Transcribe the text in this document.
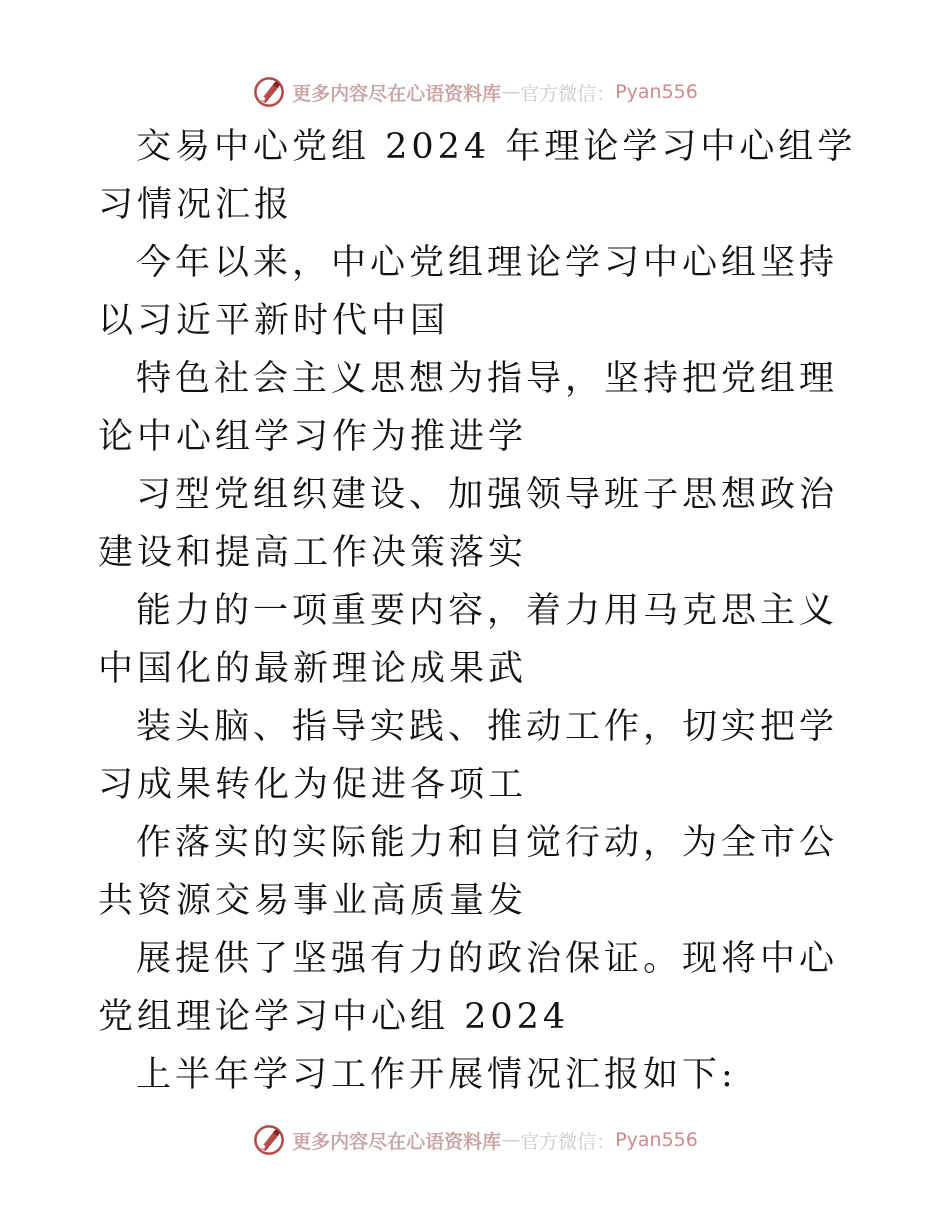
更多内容尽在心语资料库 — 官方微信： Pyan556

交易中心党组 2024 年理论学习中心组学习情况汇报

今年以来，中心党组理论学习中心组坚持以习近平新时代中国

特色社会主义思想为指导，坚持把党组理论中心组学习作为推进学

习型党组织建设、加强领导班子思想政治建设和提高工作决策落实

能力的一项重要内容，着力用马克思主义中国化的最新理论成果武

装头脑、指导实践、推动工作，切实把学习成果转化为促进各项工

作落实的实际能力和自觉行动，为全市公共资源交易事业高质量发

展提供了坚强有力的政治保证。现将中心党组理论学习中心组 2024

上半年学习工作开展情况汇报如下:

更多内容尽在心语资料库 — 官方微信： Pyan556
